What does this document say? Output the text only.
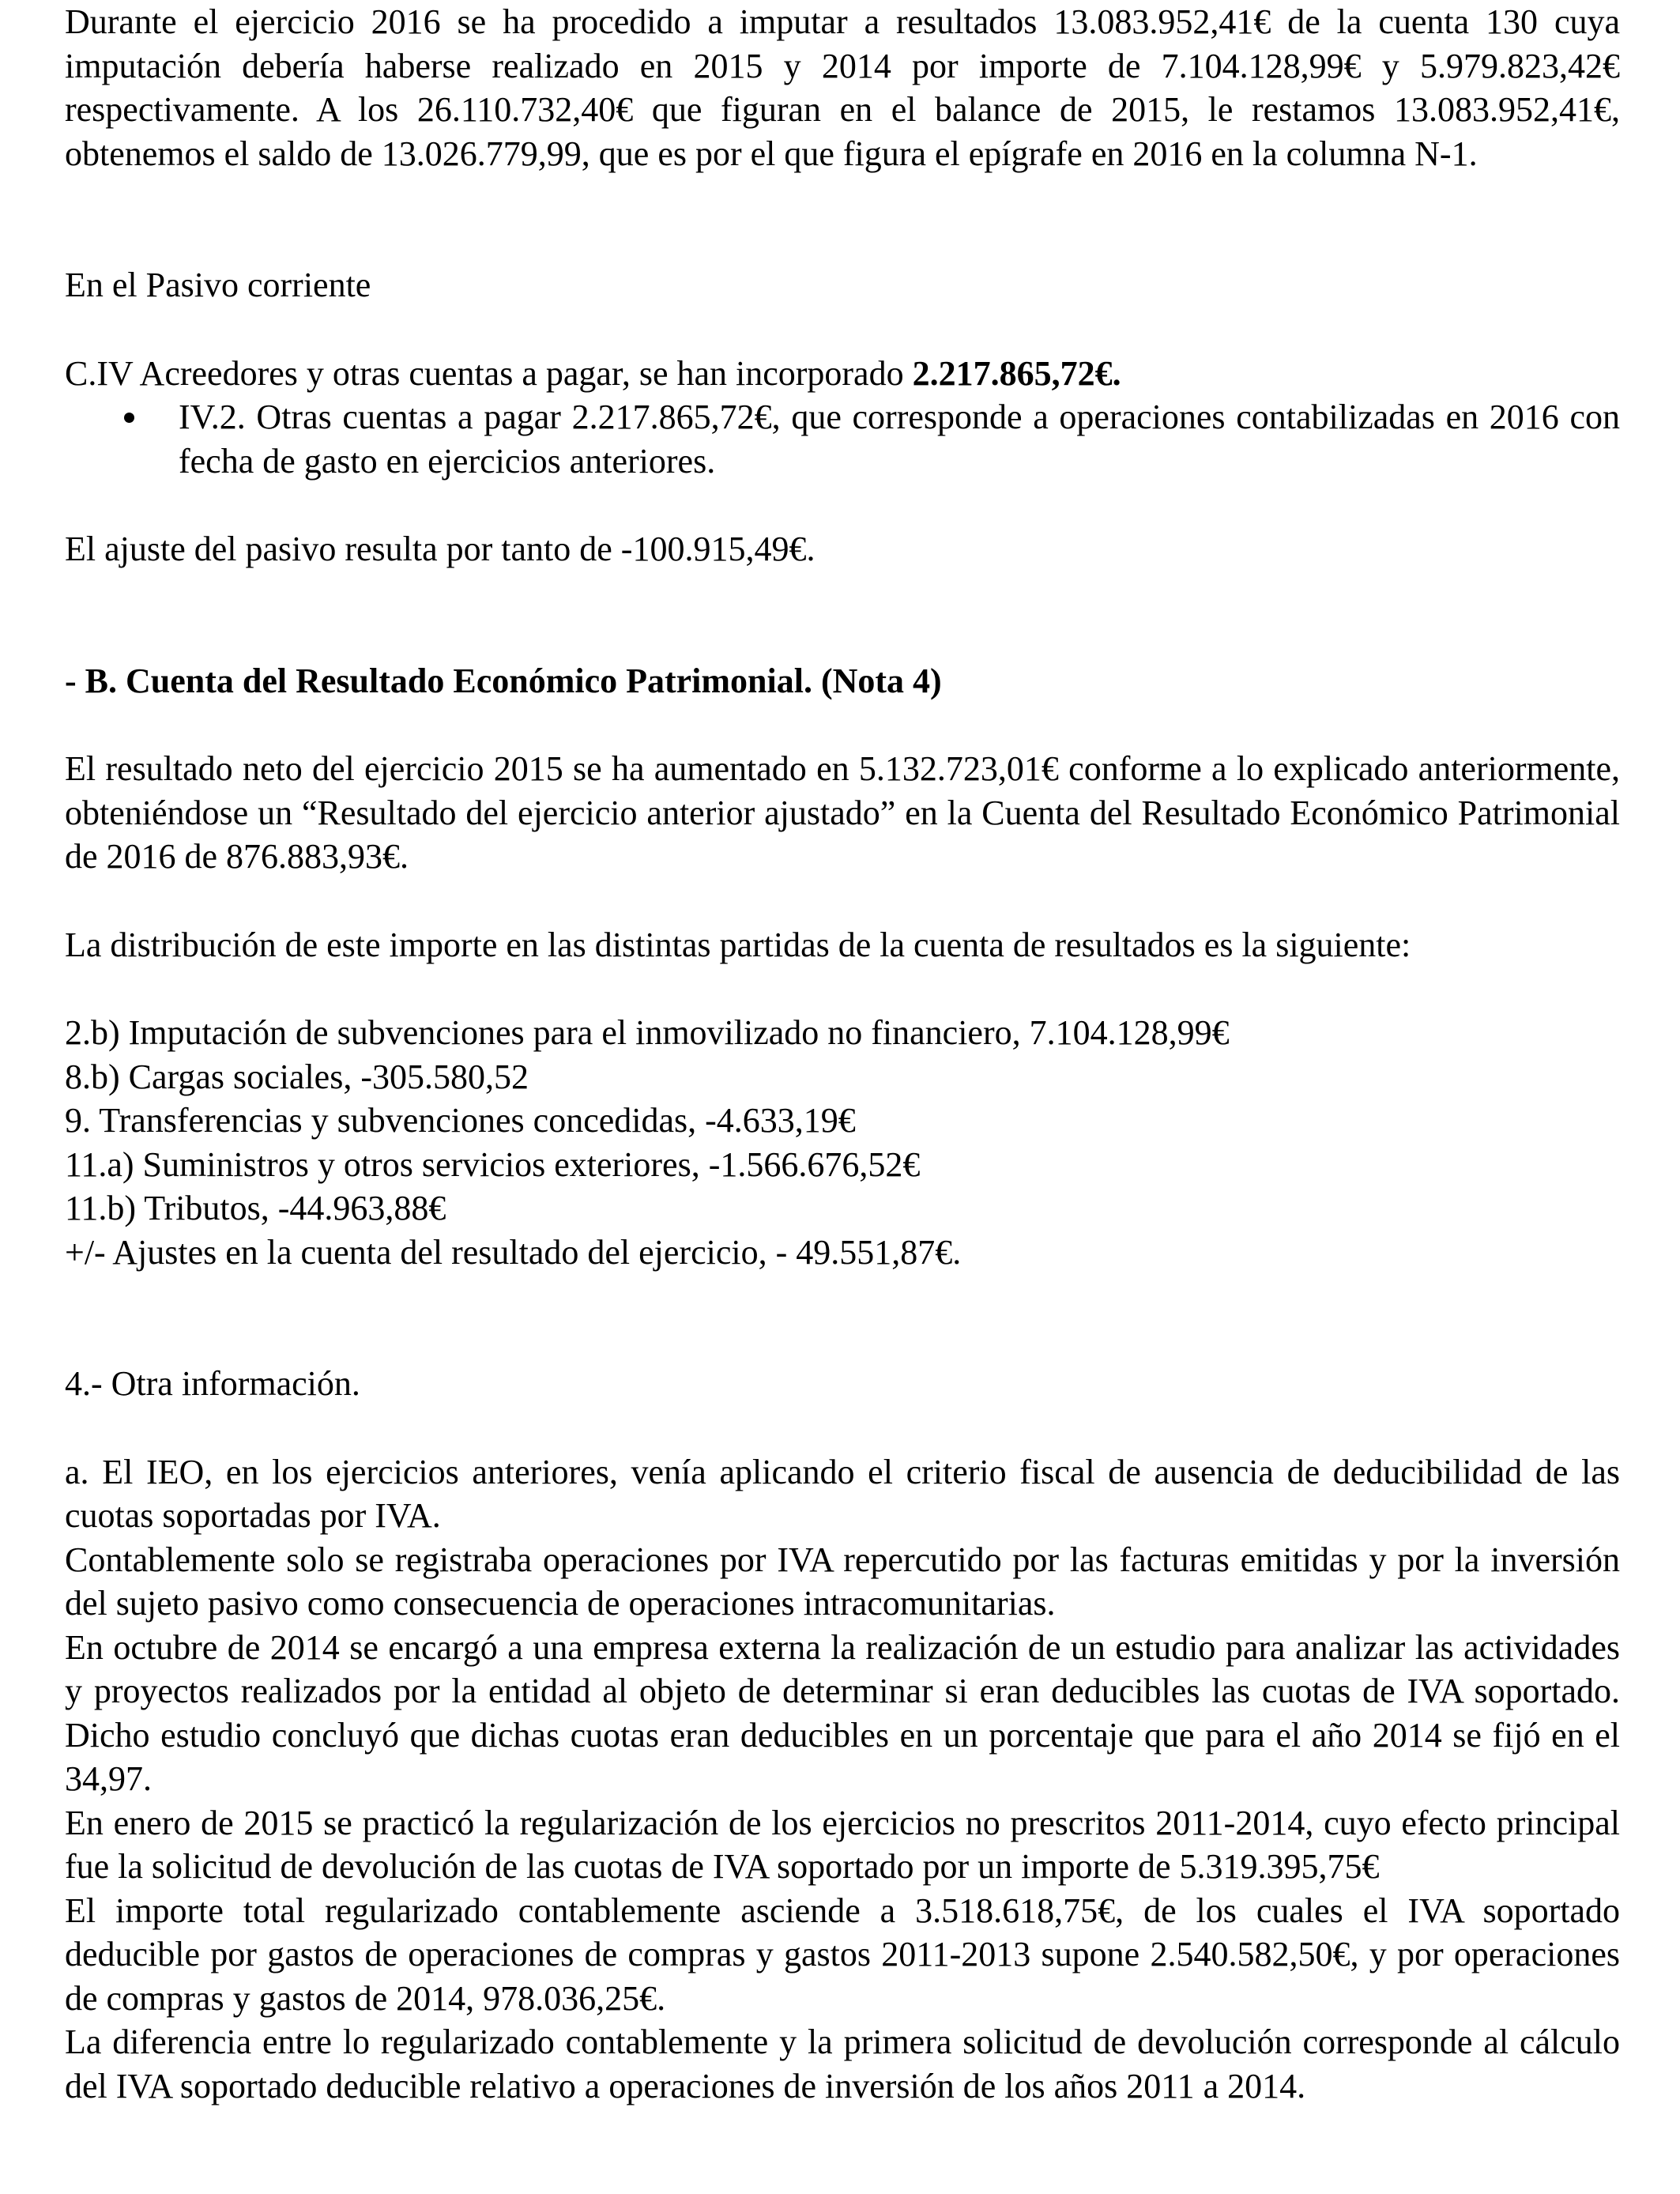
Durante el ejercicio 2016 se ha procedido a imputar a resultados 13.083.952,41€ de la cuenta 130 cuya imputación debería haberse realizado en 2015 y 2014 por importe de 7.104.128,99€ y 5.979.823,42€ respectivamente. A los 26.110.732,40€ que figuran en el balance de 2015, le restamos 13.083.952,41€, obtenemos el saldo de 13.026.779,99, que es por el que figura el epígrafe en 2016 en la columna N-1.

En el Pasivo corriente

C.IV Acreedores y otras cuentas a pagar, se han incorporado 2.217.865,72€.

IV.2. Otras cuentas a pagar 2.217.865,72€, que corresponde a operaciones contabilizadas en 2016 con fecha de gasto en ejercicios anteriores.

El ajuste del pasivo resulta por tanto de -100.915,49€.

- B. Cuenta del Resultado Económico Patrimonial. (Nota 4)

El resultado neto del ejercicio 2015 se ha aumentado en 5.132.723,01€ conforme a lo explicado anteriormente, obteniéndose un “Resultado del ejercicio anterior ajustado” en la Cuenta del Resultado Económico Patrimonial de 2016 de 876.883,93€.

La distribución de este importe en las distintas partidas de la cuenta de resultados es la siguiente:

2.b) Imputación de subvenciones para el inmovilizado no financiero, 7.104.128,99€

8.b) Cargas sociales, -305.580,52

9. Transferencias y subvenciones concedidas, -4.633,19€

11.a) Suministros y otros servicios exteriores, -1.566.676,52€

11.b) Tributos, -44.963,88€

+/- Ajustes en la cuenta del resultado del ejercicio, - 49.551,87€.

4.- Otra información.

a. El IEO, en los ejercicios anteriores, venía aplicando el criterio fiscal de ausencia de deducibilidad de las cuotas soportadas por IVA.

Contablemente solo se registraba operaciones por IVA repercutido por las facturas emitidas y por la inversión del sujeto pasivo como consecuencia de operaciones intracomunitarias.

En octubre de 2014 se encargó a una empresa externa la realización de un estudio para analizar las actividades y proyectos realizados por la entidad al objeto de determinar si eran deducibles las cuotas de IVA soportado. Dicho estudio concluyó que dichas cuotas eran deducibles en un porcentaje que para el año 2014 se fijó en el 34,97.

En enero de 2015 se practicó la regularización de los ejercicios no prescritos 2011-2014, cuyo efecto principal fue la solicitud de devolución de las cuotas de IVA soportado por un importe de 5.319.395,75€

El importe total regularizado contablemente asciende a 3.518.618,75€, de los cuales el IVA soportado deducible por gastos de operaciones de compras y gastos 2011-2013 supone 2.540.582,50€, y por operaciones de compras y gastos de 2014, 978.036,25€.

La diferencia entre lo regularizado contablemente y la primera solicitud de devolución corresponde al cálculo del IVA soportado deducible relativo a operaciones de inversión de los años 2011 a 2014.
